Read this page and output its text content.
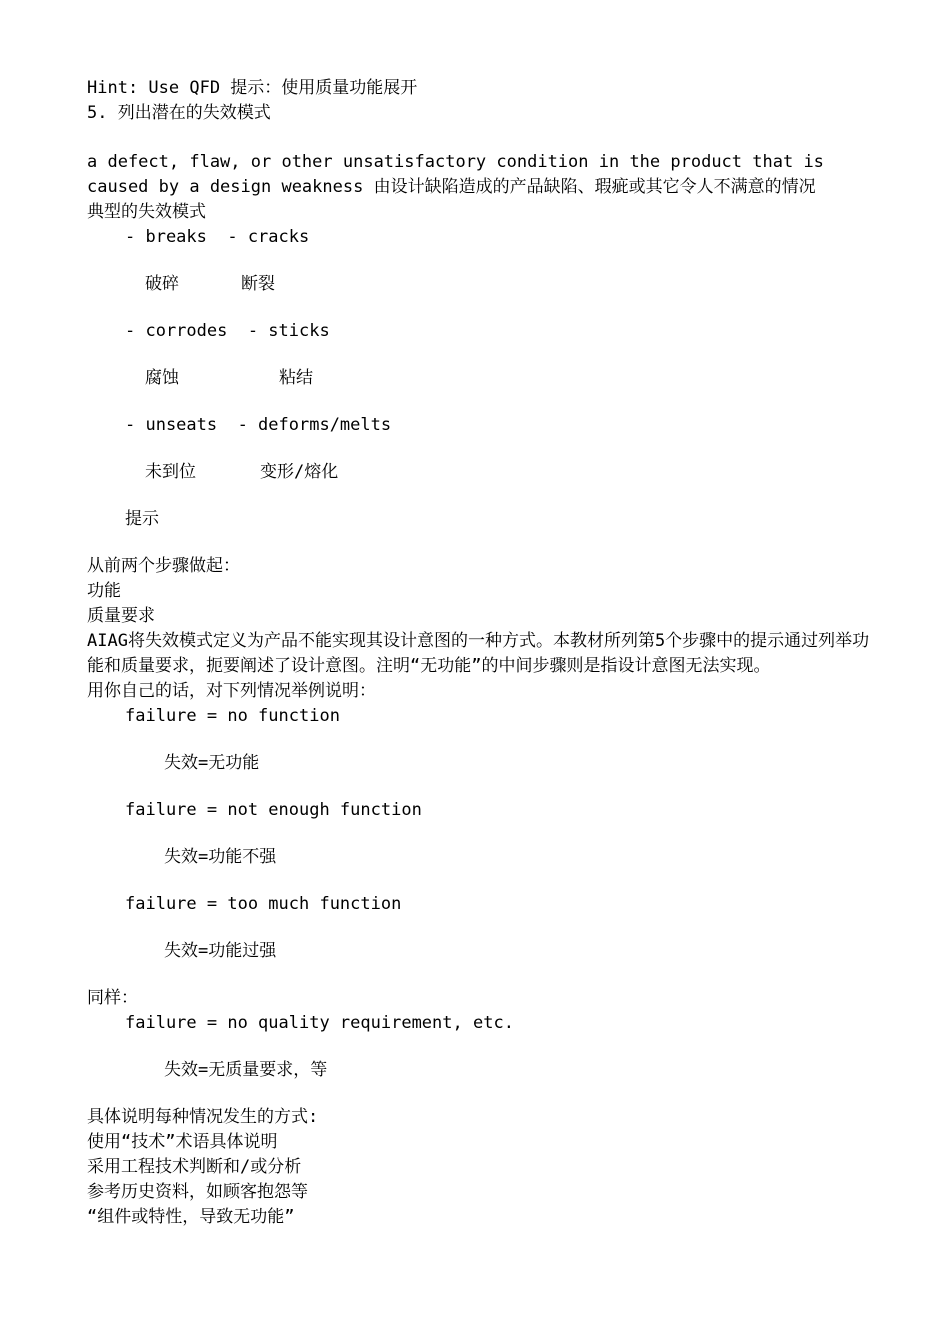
Hint: Use QFD 提示：使用质量功能展开
5. 列出潜在的失效模式
a defect, flaw, or other unsatisfactory condition in the product that is caused by a design weakness 由设计缺陷造成的产品缺陷、瑕疵或其它令人不满意的情况
典型的失效模式
- breaks  - cracks
破碎	断裂
- corrodes  - sticks
腐蚀	粘结
- unseats  - deforms/melts
未到位	变形/熔化
提示
从前两个步骤做起：
功能
质量要求
AIAG将失效模式定义为产品不能实现其设计意图的一种方式。本教材所列第5个步骤中的提示通过列举功能和质量要求，扼要阐述了设计意图。注明“无功能”的中间步骤则是指设计意图无法实现。
用你自己的话，对下列情况举例说明：
failure = no function
失效=无功能
failure = not enough function
失效=功能不强
failure = too much function
失效=功能过强
同样：
failure = no quality requirement, etc.
失效=无质量要求，等
具体说明每种情况发生的方式:
使用“技术”术语具体说明
采用工程技术判断和/或分析
参考历史资料，如顾客抱怨等
“组件或特性，导致无功能”
